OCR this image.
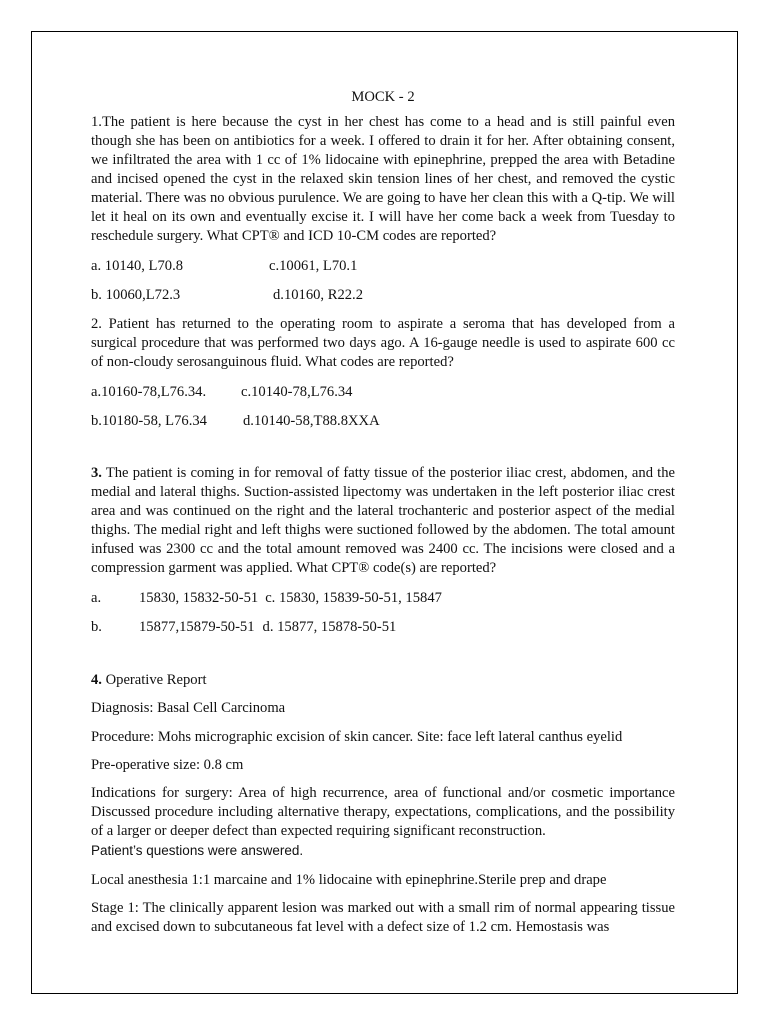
MOCK - 2

1.The patient is here because the cyst in her chest has come to a head and is still painful even though she has been on antibiotics for a week. I offered to drain it for her. After obtaining consent, we infiltrated the area with 1 cc of 1% lidocaine with epinephrine, prepped the area with Betadine and incised opened the cyst in the relaxed skin tension lines of her chest, and removed the cystic material. There was no obvious purulence. We are going to have her clean this with a Q-tip. We will let it heal on its own and eventually excise it. I will have her come back a week from Tuesday to reschedule surgery. What CPT® and ICD 10-CM codes are reported?

a. 10140, L70.8	c.10061, L70.1
b. 10060,L72.3	d.10160, R22.2

2. Patient has returned to the operating room to aspirate a seroma that has developed from a surgical procedure that was performed two days ago. A 16-gauge needle is used to aspirate 600 cc of non-cloudy serosanguinous fluid. What codes are reported?

a.10160-78,L76.34.	c.10140-78,L76.34
b.10180-58, L76.34	d.10140-58,T88.8XXA

3. The patient is coming in for removal of fatty tissue of the posterior iliac crest, abdomen, and the medial and lateral thighs. Suction-assisted lipectomy was undertaken in the left posterior iliac crest area and was continued on the right and the lateral trochanteric and posterior aspect of the medial thighs. The medial right and left thighs were suctioned followed by the abdomen. The total amount infused was 2300 cc and the total amount removed was 2400 cc. The incisions were closed and a compression garment was applied. What CPT® code(s) are reported?

a.	15830, 15832-50-51 c. 15830, 15839-50-51, 15847
b.	15877,15879-50-51 d. 15877, 15878-50-51

4. Operative Report

Diagnosis: Basal Cell Carcinoma

Procedure: Mohs micrographic excision of skin cancer. Site: face left lateral canthus eyelid

Pre-operative size: 0.8 cm

Indications for surgery: Area of high recurrence, area of functional and/or cosmetic importance Discussed procedure including alternative therapy, expectations, complications, and the possibility of a larger or deeper defect than expected requiring significant reconstruction.
Patient’s questions were answered.

Local anesthesia 1:1 marcaine and 1% lidocaine with epinephrine.Sterile prep and drape

Stage 1: The clinically apparent lesion was marked out with a small rim of normal appearing tissue and excised down to subcutaneous fat level with a defect size of 1.2 cm. Hemostasis was
